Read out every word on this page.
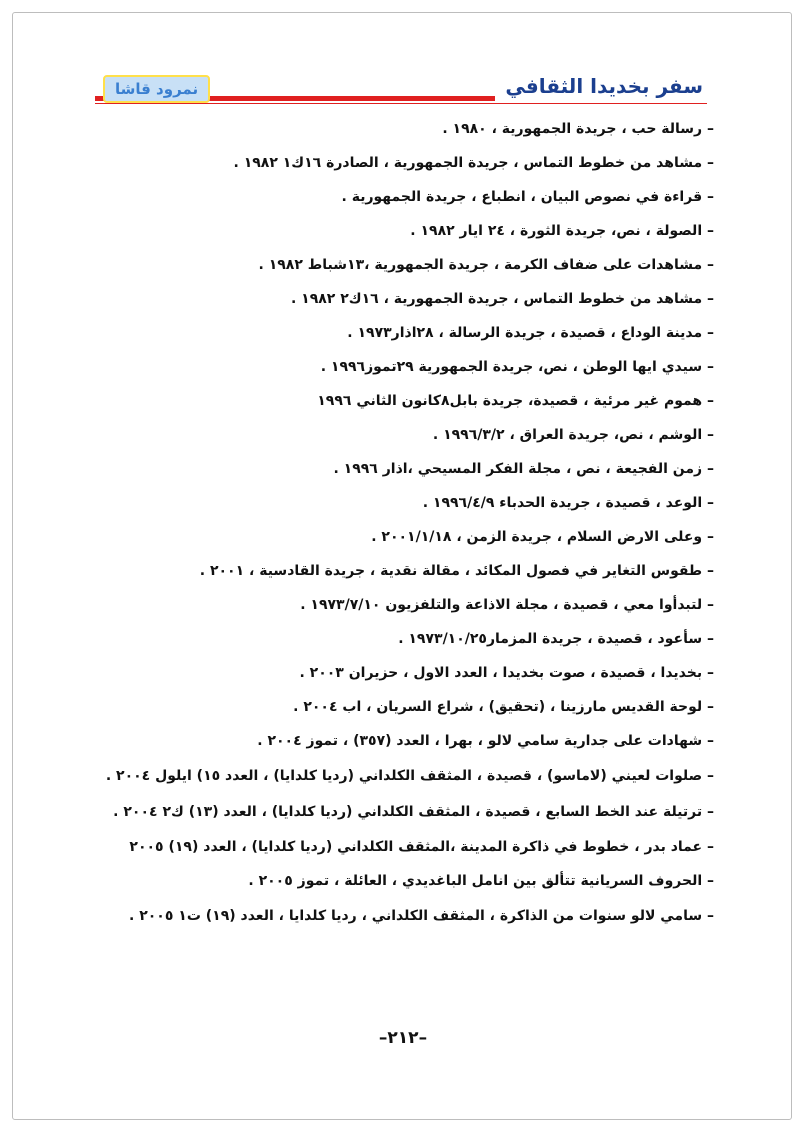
سفر بخديدا الثقافي
نمرود قاشا
– رسالة حب ، جريدة الجمهورية ، ١٩٨٠ .
– مشاهد من خطوط التماس ، جريدة الجمهورية ، الصادرة ١٦ك١ ١٩٨٢ .
– قراءة في نصوص البيان ، انطباع ، جريدة الجمهورية .
– الصولة ، نص، جريدة الثورة ، ٢٤ ايار ١٩٨٢ .
– مشاهدات على ضفاف الكرمة ، جريدة الجمهورية ،١٣شباط ١٩٨٢ .
– مشاهد من خطوط التماس ، جريدة الجمهورية ، ١٦ك٢ ١٩٨٢ .
– مدينة الوداع ، قصيدة ، جريدة الرسالة ، ٢٨اذار١٩٧٣ .
– سيدي ايها الوطن ، نص، جريدة الجمهورية ٢٩تموز١٩٩٦ .
– هموم غير مرئية ، قصيدة، جريدة بابل٨كانون الثاني ١٩٩٦
– الوشم ، نص، جريدة العراق ، ١٩٩٦/٣/٢ .
– زمن الفجيعة ، نص ، مجلة الفكر المسيحي ،اذار ١٩٩٦ .
– الوعد ، قصيدة ، جريدة الحدباء ١٩٩٦/٤/٩ .
– وعلى الارض السلام ، جريدة الزمن ، ٢٠٠١/١/١٨ .
– طقوس التغاير في فصول المكائد ، مقالة نقدية ، جريدة القادسية ، ٢٠٠١ .
– لتبدأوا معي ، قصيدة ، مجلة الاذاعة والتلفزيون ١٩٧٣/٧/١٠ .
– سأعود ، قصيدة ، جريدة المزمار١٩٧٣/١٠/٢٥ .
– بخديدا ، قصيدة ، صوت بخديدا ، العدد الاول ، حزيران ٢٠٠٣ .
– لوحة القديس مارزينا ، (تحقيق) ، شراع السريان ، اب ٢٠٠٤ .
– شهادات على جدارية سامي لالو ، بهرا ، العدد (٣٥٧) ، تموز ٢٠٠٤ .
– صلوات لعيني (لاماسو) ، قصيدة ، المثقف الكلداني (رديا كلدايا) ، العدد ١٥) ايلول ٢٠٠٤ .
– ترتيلة عند الخط السابع ، قصيدة ، المثقف الكلداني (رديا كلدايا) ، العدد (١٣) ك٢ ٢٠٠٤ .
– عماد بدر ، خطوط في ذاكرة المدينة ،المثقف الكلداني (رديا كلدايا) ، العدد (١٩) ٢٠٠٥
– الحروف السريانية تتألق بين انامل الباغديدي ، العائلة ، تموز ٢٠٠٥ .
– سامي لالو سنوات من الذاكرة ، المثقف الكلداني ، رديا كلدايا ، العدد (١٩) ت١ ٢٠٠٥ .
–٢١٢–
